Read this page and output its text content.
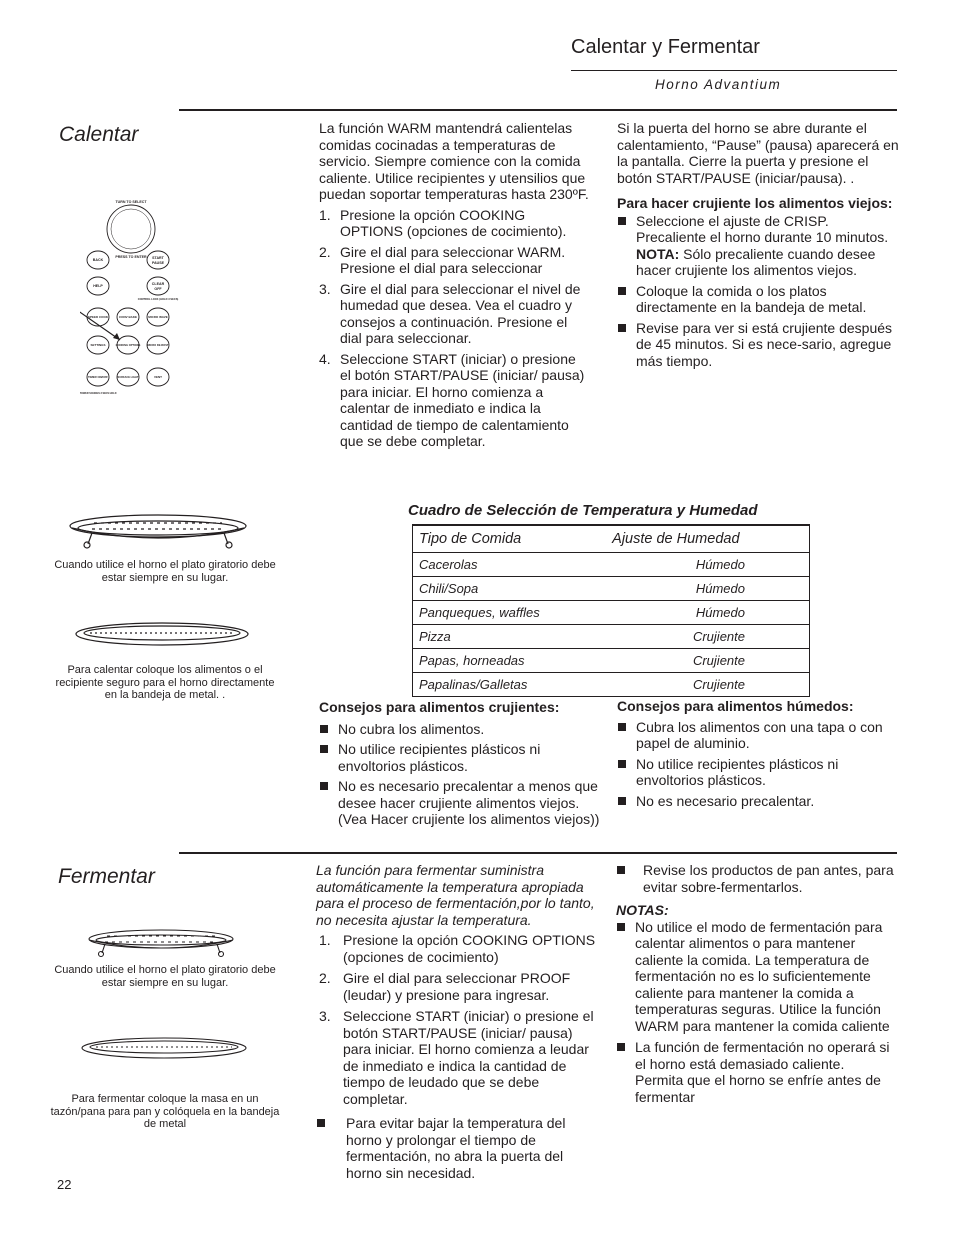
Calentar y Fermentar
Horno Advantium
Calentar
TURN TO SELECT
PRESS TO ENTER
BACK	START
PAUSE
HELP	CLEAR
OFF
CONTROL LOCK (HOLD 3 SECS)
SPEED COOK	CONV BAKE	MICRO WAVE
SETTINGS	COOKING OPTIONS	MICRO DE-ROST
TIMER ON/OFF	SURFACE LIGHT	VENT
POWER SAVINGS 3 SECS HOLD
Cuando utilice el horno el plato giratorio debe estar siempre en su lugar.
Para calentar coloque los alimentos o el recipiente seguro para el horno directamente en la bandeja de metal. .

La función WARM mantendrá calientelas comidas cocinadas a temperaturas de servicio. Siempre comience con la comida caliente. Utilice recipientes y utensilios que puedan soportar temperaturas hasta 230ºF.

1. Presione la opción COOKING OPTIONS (opciones de cocimiento).
2. Gire el dial para seleccionar WARM. Presione el dial para seleccionar
3. Gire el dial para seleccionar el nivel de humedad que desea. Vea el cuadro y consejos a continuación. Presione el dial para seleccionar.
4. Seleccione START (iniciar) o presione el botón START/PAUSE (iniciar/ pausa) para iniciar. El horno comienza a calentar de inmediato e indica la cantidad de tiempo de calentamiento que se debe completar.

Si la puerta del horno se abre durante el calentamiento, “Pause” (pausa) aparecerá en la pantalla. Cierre la puerta y presione el botón START/PAUSE (iniciar/pausa). .

Para hacer crujiente los alimentos viejos:

Seleccione el ajuste de CRISP. Precaliente el horno durante 10 minutos.
NOTA: Sólo precaliente cuando desee hacer crujiente los alimentos viejos.
Coloque la comida o los platos directamente en la bandeja de metal.
Revise para ver si está crujiente después de 45 minutos. Si es nece-sario, agregue más tiempo.
Cuadro de Selección de Temperatura y Humedad
Tipo de Comida	Ajuste de Humedad
Cacerolas	Húmedo
Chili/Sopa	Húmedo
Panqueques, waffles	Húmedo
Pizza	Crujiente
Papas, horneadas	Crujiente
Papalinas/Galletas	Crujiente

Consejos para alimentos crujientes:

No cubra los alimentos.
No utilice recipientes plásticos ni envoltorios plásticos.
No es necesario precalentar a menos que desee hacer crujiente alimentos viejos. (Vea Hacer crujiente los alimentos viejos))

Consejos para alimentos húmedos:

Cubra los alimentos con una tapa o con papel de aluminio.
No utilice recipientes plásticos ni envoltorios plásticos.
No es necesario precalentar.
Fermentar
Cuando utilice el horno el plato giratorio debe estar siempre en su lugar.
Para fermentar coloque la masa en un tazón/pana para pan y colóquela en la bandeja de metal

La función para fermentar suministra automáticamente la temperatura apropiada para el proceso de fermentación,por lo tanto, no necesita ajustar la temperatura.

1. Presione la opción COOKING OPTIONS (opciones de cocimiento)
2. Gire el dial para seleccionar PROOF (leudar) y presione para ingresar.
3. Seleccione START (iniciar) o presione el botón START/PAUSE (iniciar/ pausa) para iniciar. El horno comienza a leudar de inmediato e indica la cantidad de tiempo de leudado que se debe completar.
Para evitar bajar la temperatura del horno y prolongar el tiempo de fermentación, no abra la puerta del horno sin necesidad.
Revise los productos de pan antes, para evitar sobre-fermentarlos.

NOTAS:

No utilice el modo de fermentación para calentar alimentos o para mantener caliente la comida. La temperatura de fermentación no es lo suficientemente caliente para mantener la comida a temperaturas seguras. Utilice la función WARM para mantener la comida caliente
La función de fermentación no operará si el horno está demasiado caliente. Permita que el horno se enfríe antes de fermentar
22
